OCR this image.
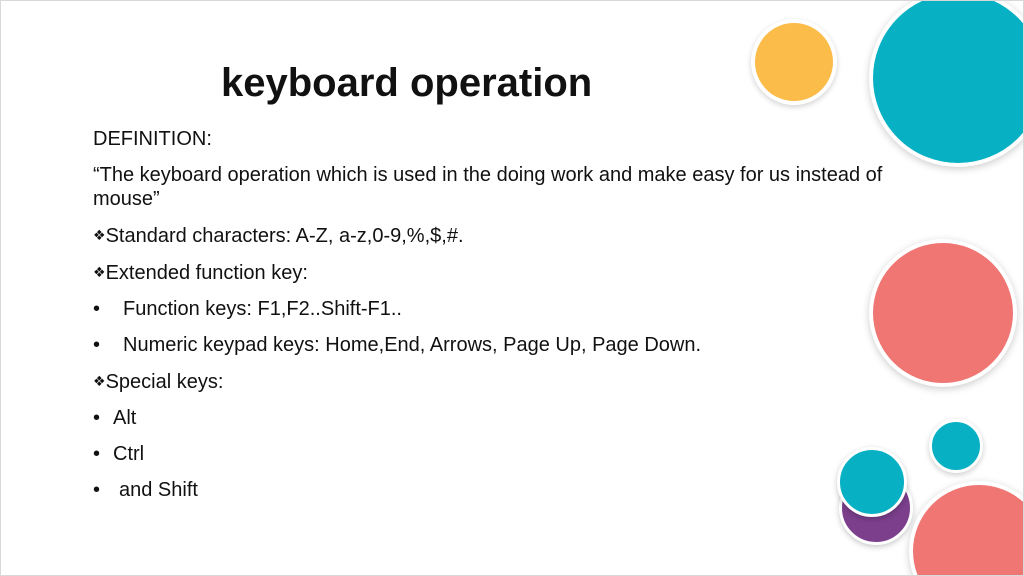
keyboard operation

DEFINITION:

“The keyboard operation which is used in the doing work and make easy for us instead of mouse”

❖Standard characters: A-Z, a-z,0-9,%,$,#.

❖Extended function key:

• Function keys: F1,F2..Shift-F1..

• Numeric keypad keys: Home,End, Arrows, Page Up, Page Down.

❖Special keys:

• Alt

• Ctrl

• and Shift
